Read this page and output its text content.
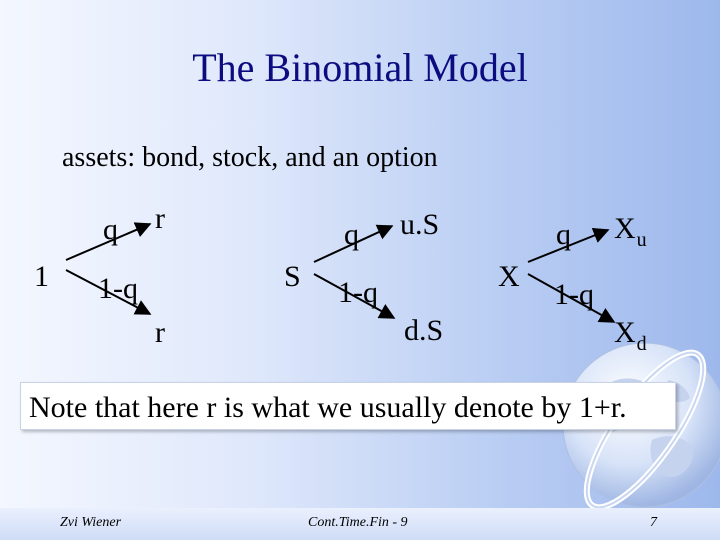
The Binomial Model
assets: bond, stock, and an option
1
q
1-q
r
r
S
q
1-q
u.S
d.S
X
q
1-q
$X_u$
$X_d$
Note that here r is what we usually denote by 1+r.
Zvi Wiener	Cont.Time.Fin - 9	7
